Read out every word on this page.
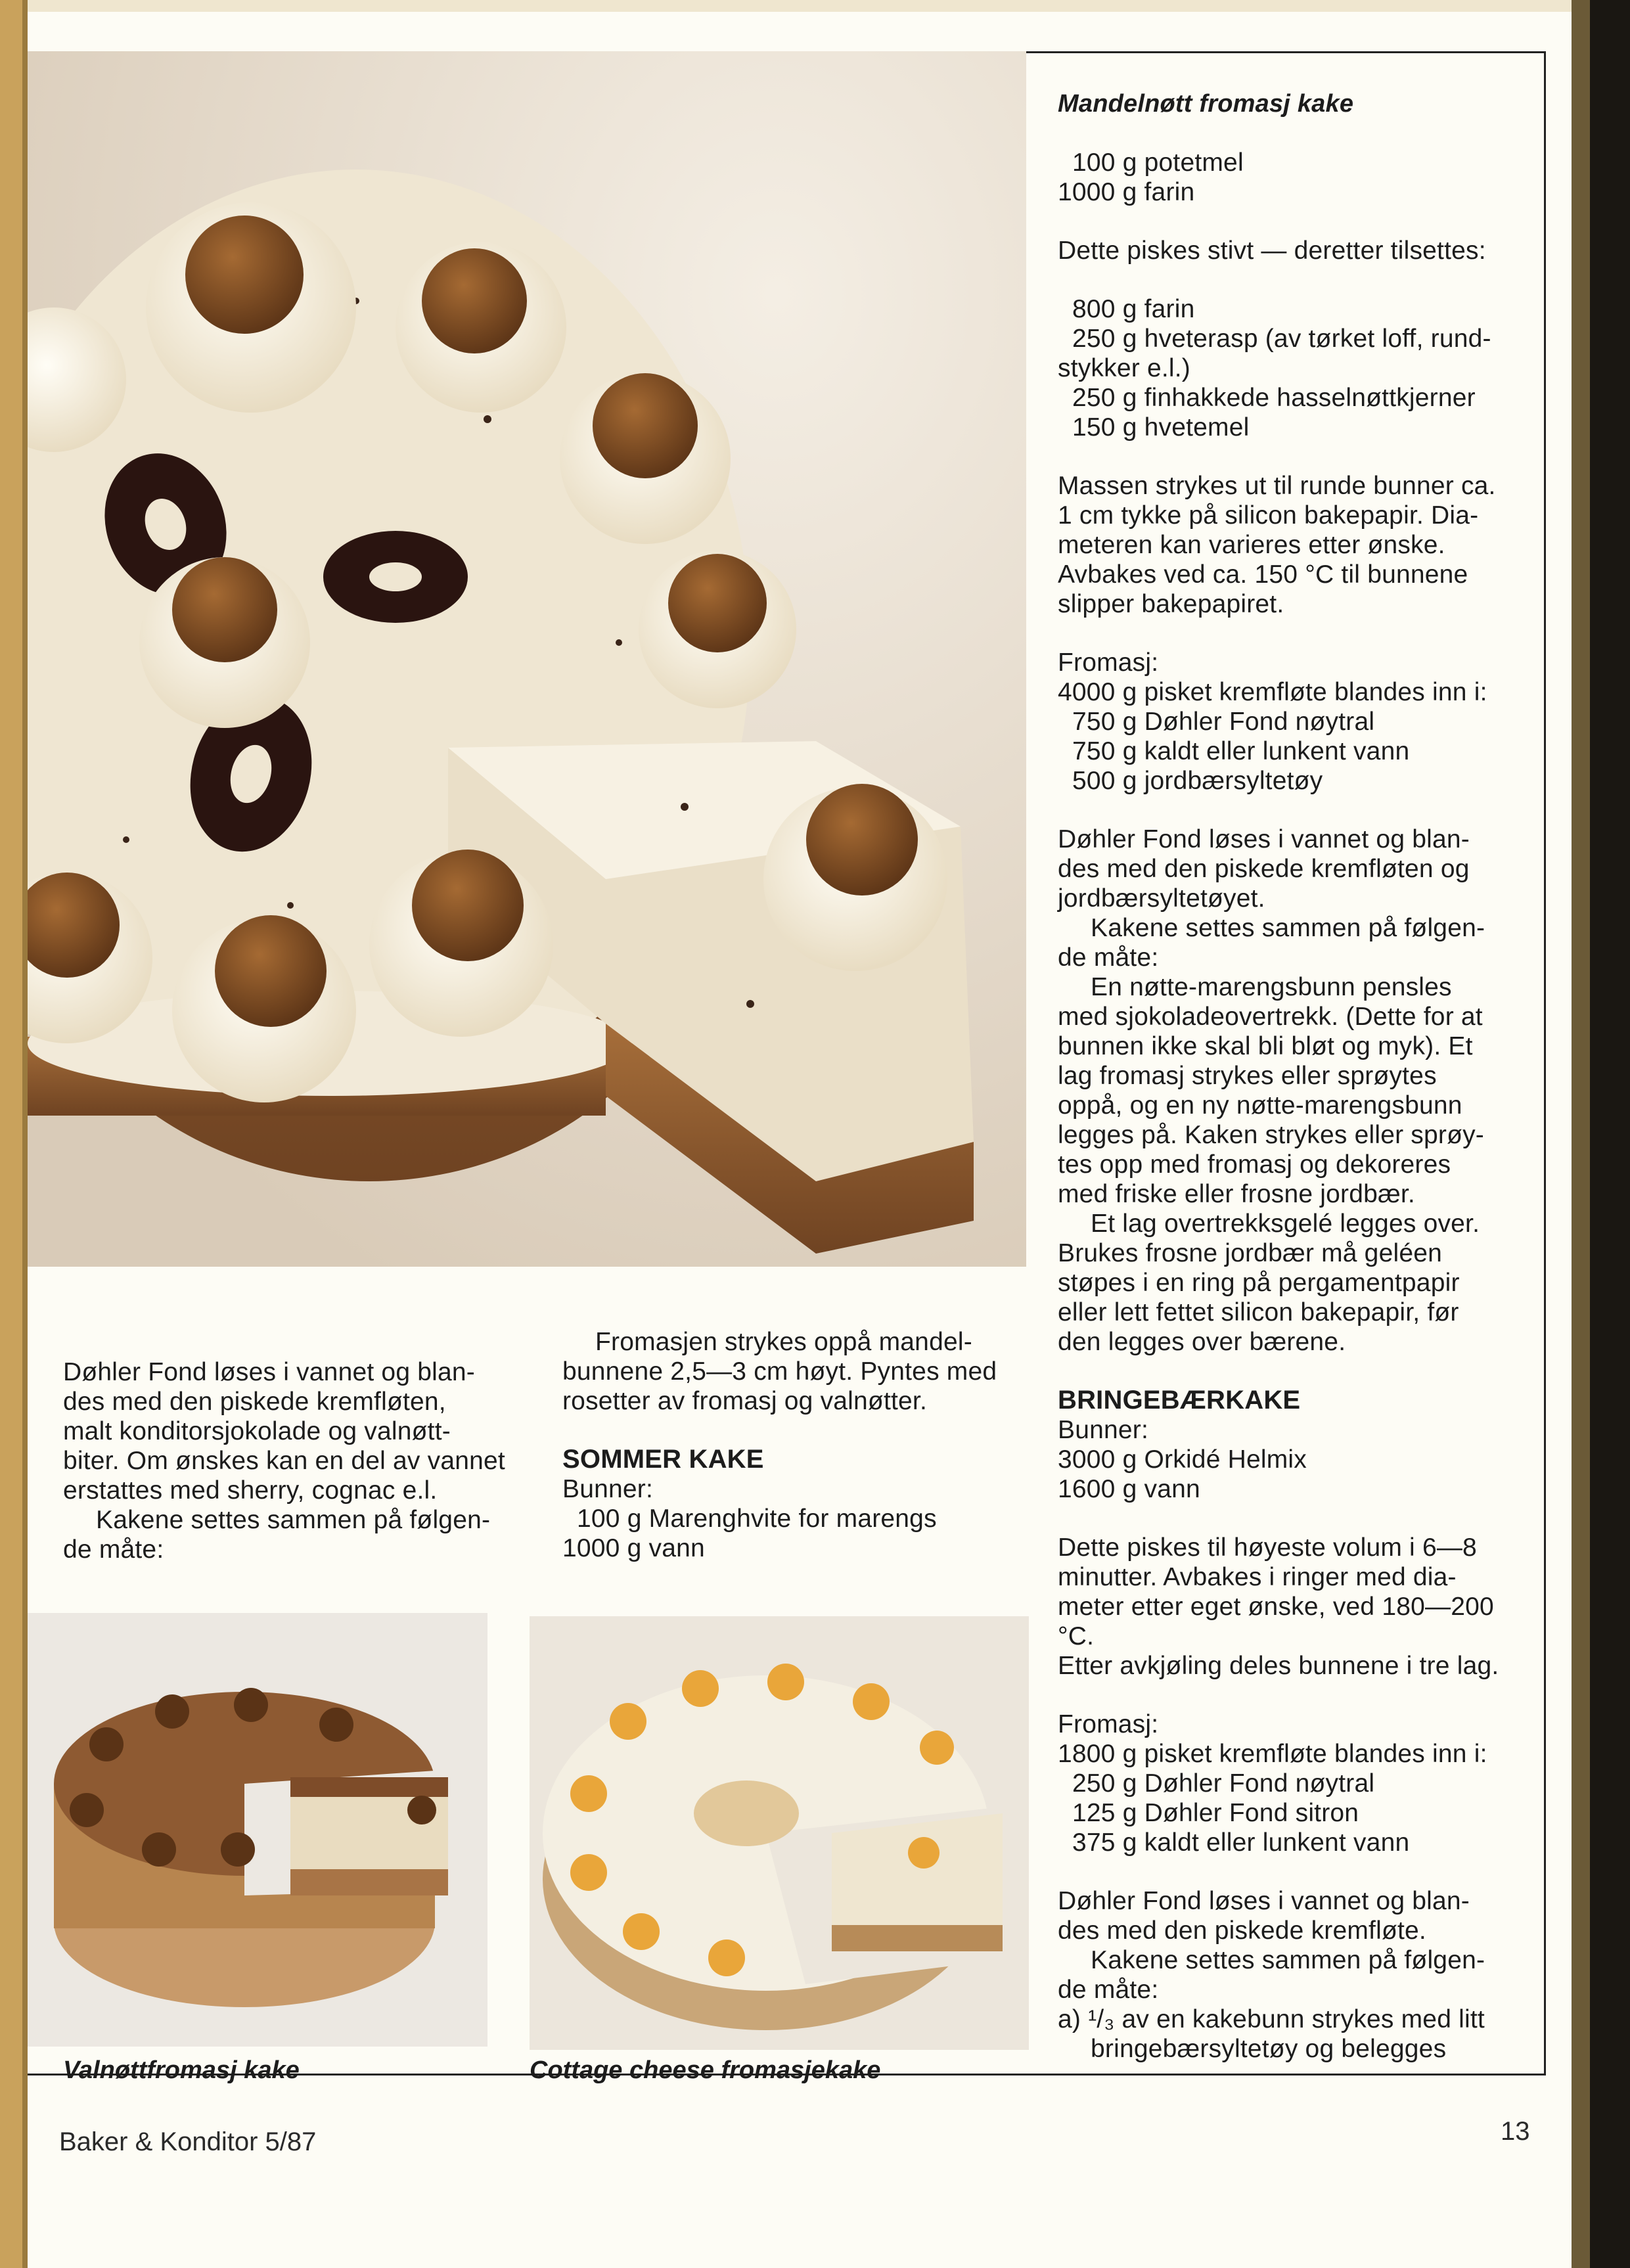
Mandelnøtt fromasj kake

100 g potetmel

1000 g farin

Dette piskes stivt — deretter tilsettes:

800 g farin

250 g hveterasp (av tørket loff, rund-

stykker e.l.)

250 g finhakkede hasselnøttkjerner

150 g hvetemel

Massen strykes ut til runde bunner ca.

1 cm tykke på silicon bakepapir. Dia-

meteren kan varieres etter ønske.

Avbakes ved ca. 150 °C til bunnene

slipper bakepapiret.

Fromasj:

4000 g pisket kremfløte blandes inn i:

750 g Døhler Fond nøytral

750 g kaldt eller lunkent vann

500 g jordbærsyltetøy

Døhler Fond løses i vannet og blan-

des med den piskede kremfløten og

jordbærsyltetøyet.

Kakene settes sammen på følgen-

de måte:

En nøtte-marengsbunn pensles

med sjokoladeovertrekk. (Dette for at

bunnen ikke skal bli bløt og myk). Et

lag fromasj strykes eller sprøytes

oppå, og en ny nøtte-marengsbunn

legges på. Kaken strykes eller sprøy-

tes opp med fromasj og dekoreres

med friske eller frosne jordbær.

Et lag overtrekksgelé legges over.

Brukes frosne jordbær må geléen

støpes i en ring på pergamentpapir

eller lett fettet silicon bakepapir, før

den legges over bærene.

BRINGEBÆRKAKE

Bunner:

3000 g Orkidé Helmix

1600 g vann

Dette piskes til høyeste volum i 6—8

minutter. Avbakes i ringer med dia-

meter etter eget ønske, ved 180—200

°C.

Etter avkjøling deles bunnene i tre lag.

Fromasj:

1800 g pisket kremfløte blandes inn i:

250 g Døhler Fond nøytral

125 g Døhler Fond sitron

375 g kaldt eller lunkent vann

Døhler Fond løses i vannet og blan-

des med den piskede kremfløte.

Kakene settes sammen på følgen-

de måte:

a) ¹/₃ av en kakebunn strykes med litt

bringebærsyltetøy og belegges

Døhler Fond løses i vannet og blan-

des med den piskede kremfløten,

malt konditorsjokolade og valnøtt-

biter. Om ønskes kan en del av vannet

erstattes med sherry, cognac e.l.

Kakene settes sammen på følgen-

de måte:

Fromasjen strykes oppå mandel-

bunnene 2,5—3 cm høyt. Pyntes med

rosetter av fromasj og valnøtter.

SOMMER KAKE

Bunner:

100 g Marenghvite for marengs

1000 g vann

Valnøttfromasj kake	Cottage cheese fromasjekake
Baker & Konditor 5/87	13
